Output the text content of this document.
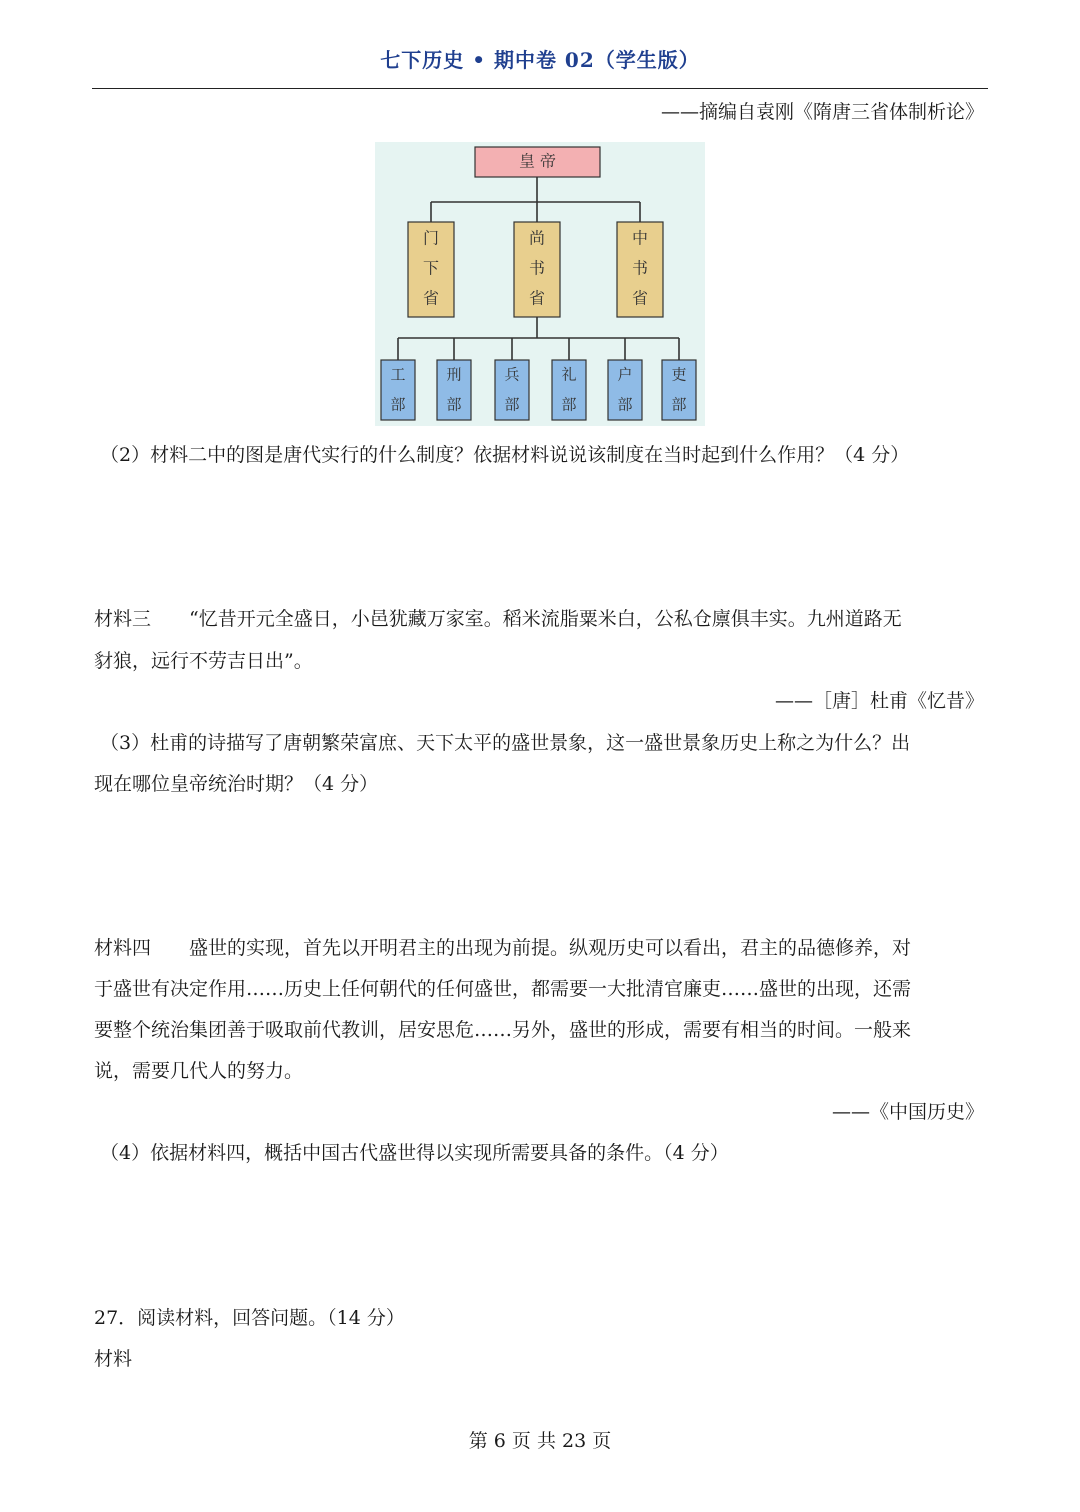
七下历史 • 期中卷 02（学生版）
——摘编自袁刚《隋唐三省体制析论》
皇 帝
门
下
省
尚
书
省
中
书
省
工
部
刑
部
兵
部
礼
部
户
部
吏
部
（2）材料二中的图是唐代实行的什么制度？依据材料说说该制度在当时起到什么作用？（4 分）
材料三　　“忆昔开元全盛日，小邑犹藏万家室。稻米流脂粟米白，公私仓廪俱丰实。九州道路无
豺狼，远行不劳吉日出”。
——［唐］杜甫《忆昔》
（3）杜甫的诗描写了唐朝繁荣富庶、天下太平的盛世景象，这一盛世景象历史上称之为什么？出
现在哪位皇帝统治时期？（4 分）
材料四　　盛世的实现，首先以开明君主的出现为前提。纵观历史可以看出，君主的品德修养，对
于盛世有决定作用……历史上任何朝代的任何盛世，都需要一大批清官廉吏……盛世的出现，还需
要整个统治集团善于吸取前代教训，居安思危……另外，盛世的形成，需要有相当的时间。一般来
说，需要几代人的努力。
——《中国历史》
（4）依据材料四，概括中国古代盛世得以实现所需要具备的条件。（4 分）
27．阅读材料，回答问题。（14 分）
材料
第 6 页 共 23 页
